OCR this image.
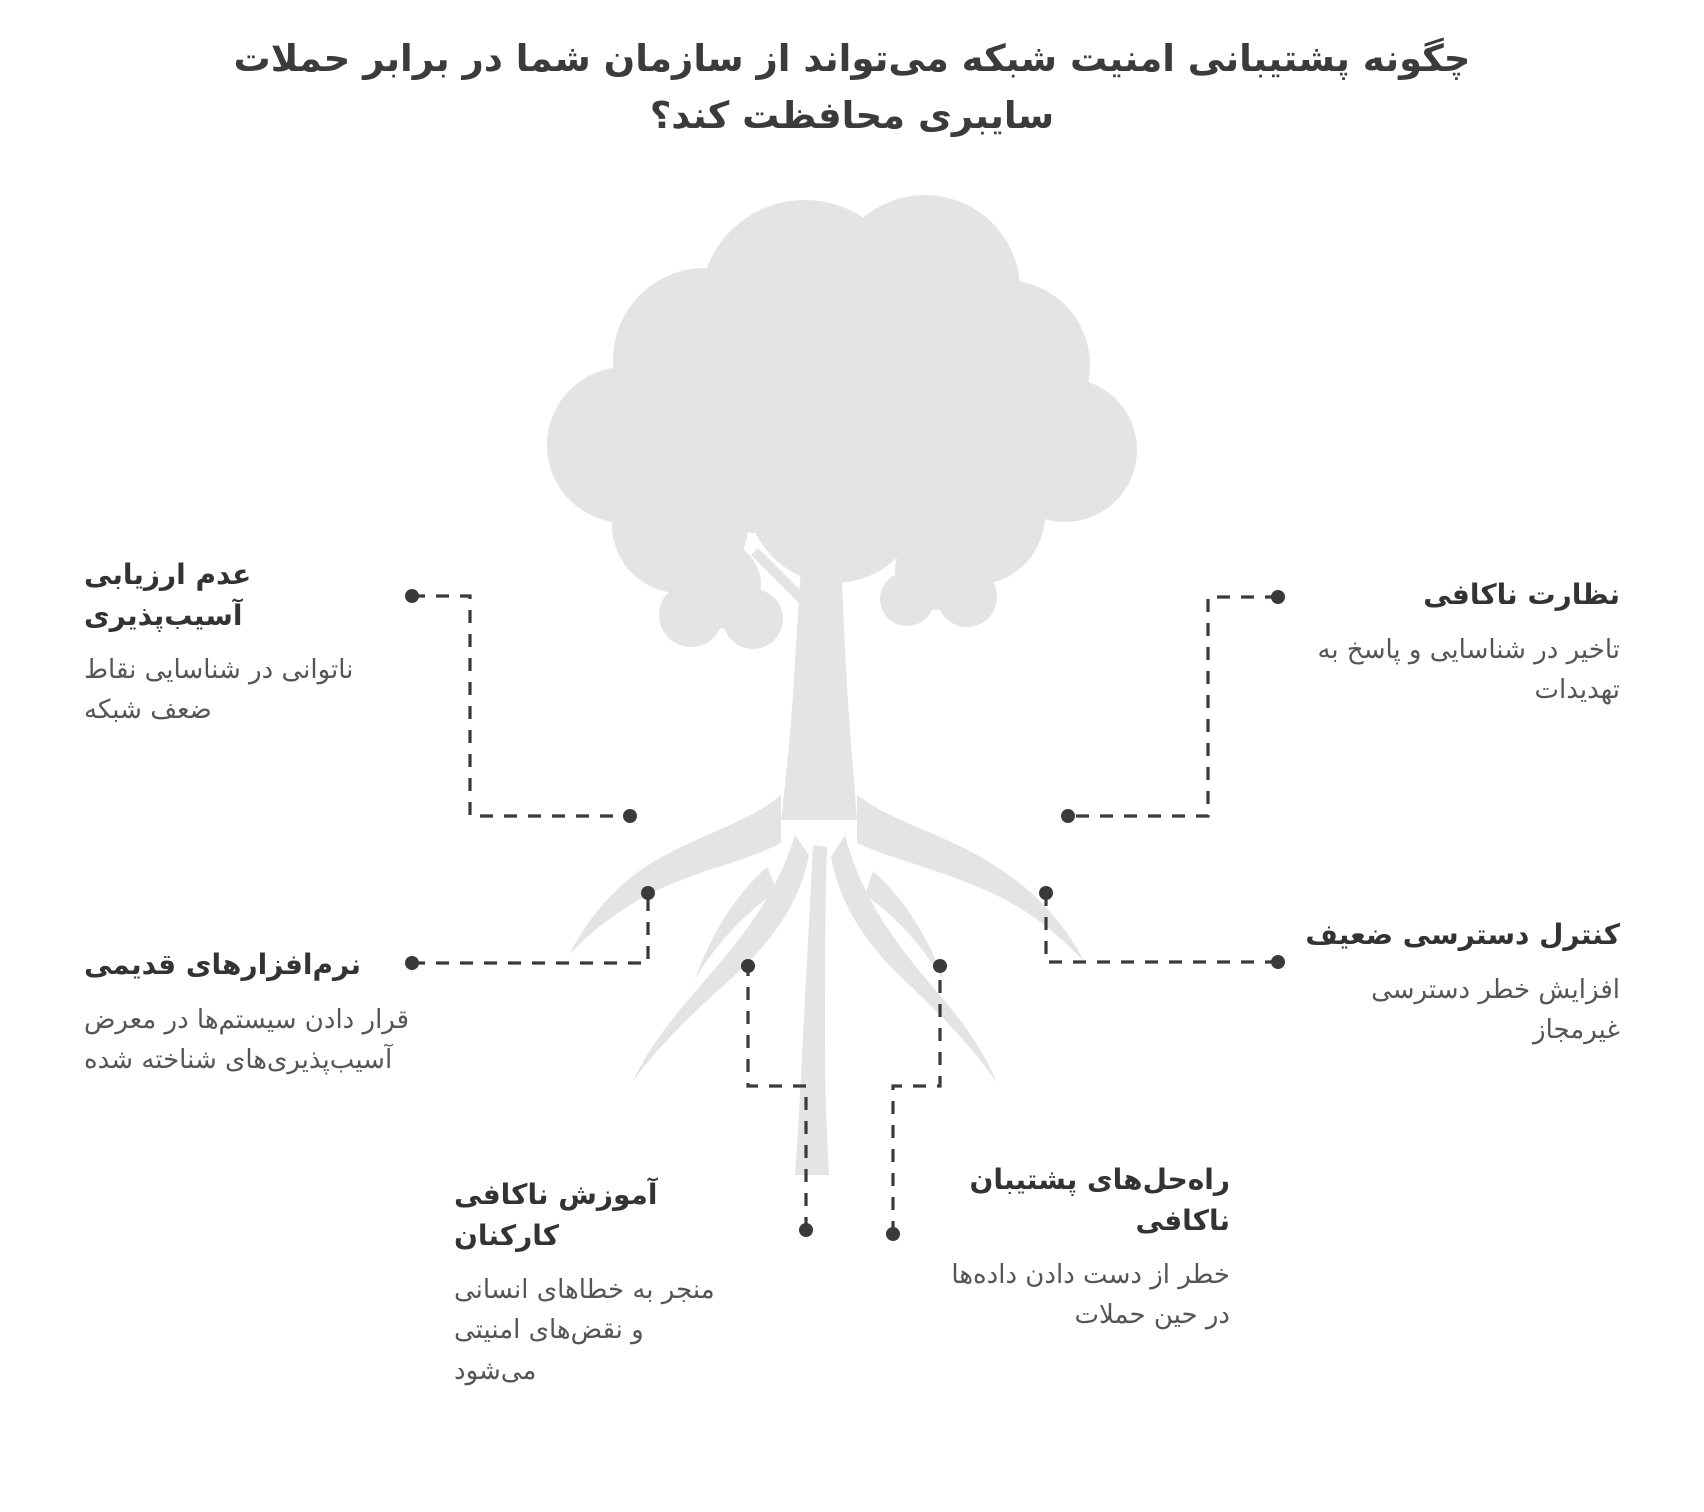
چگونه پشتیبانی امنیت شبکه می‌تواند از سازمان شما در برابر حملات سایبری محافظت کند؟
عدم ارزیابی آسیب‌پذیری
ناتوانی در شناسایی نقاط ضعف شبکه
نظارت ناکافی
تاخیر در شناسایی و پاسخ به تهدیدات
نرم‌افزارهای قدیمی
قرار دادن سیستم‌ها در معرض آسیب‌پذیری‌های شناخته شده
کنترل دسترسی ضعیف
افزایش خطر دسترسی غیرمجاز
آموزش ناکافی کارکنان
منجر به خطاهای انسانی و نقض‌های امنیتی می‌شود
راه‌حل‌های پشتیبان ناکافی
خطر از دست دادن داده‌ها در حین حملات
